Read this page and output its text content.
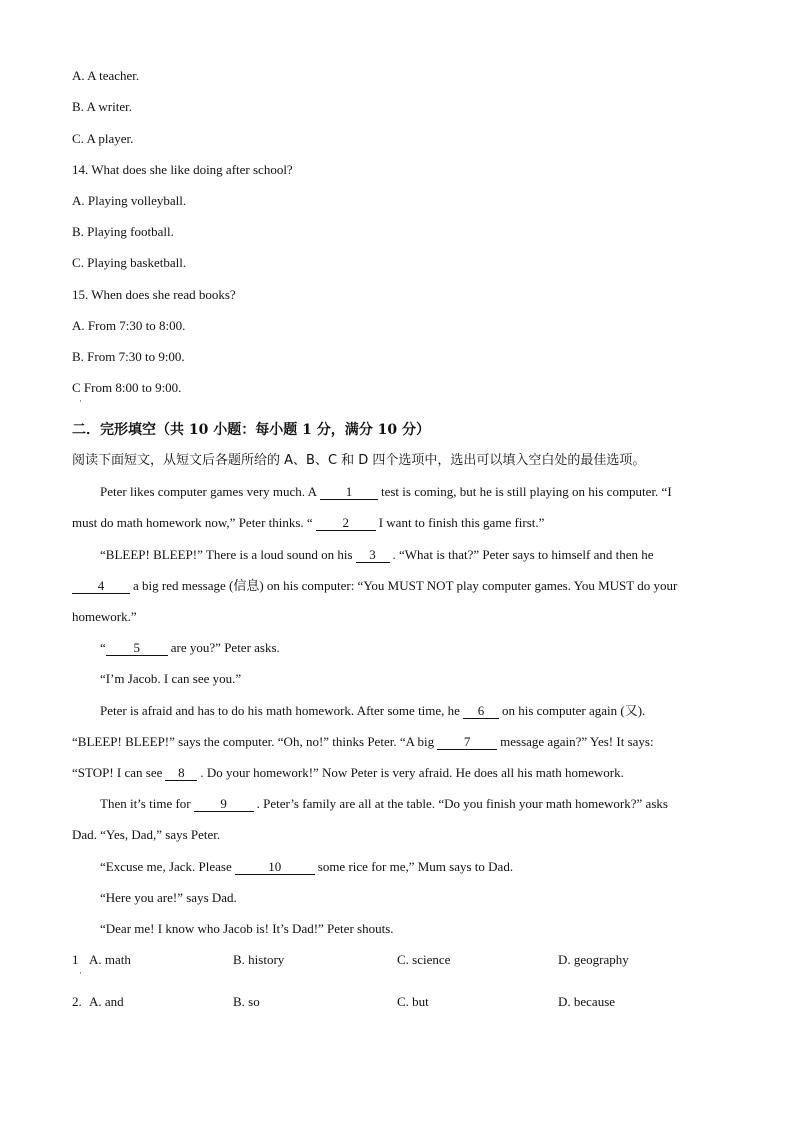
A. A teacher.
B. A writer.
C. A player.
14. What does she like doing after school?
A. Playing volleyball.
B. Playing football.
C. Playing basketball.
15. When does she read books?
A. From 7:30 to 8:00.
B. From 7:30 to 9:00.
C From 8:00 to 9:00.
·
二．完形填空（共 10 小题：每小题 1 分，满分 10 分）
阅读下面短文，从短文后各题所给的 A、B、C 和 D 四个选项中，选出可以填入空白处的最佳选项。
Peter likes computer games very much. A 1 test is coming, but he is still playing on his computer. “I
must do math homework now,” Peter thinks. “ 2 I want to finish this game first.”
“BLEEP! BLEEP!” There is a loud sound on his 3 . “What is that?” Peter says to himself and then he
4 a big red message (信息) on his computer: “You MUST NOT play computer games. You MUST do your
homework.”
“ 5 are you?” Peter asks.
“I’m Jacob. I can see you.”
Peter is afraid and has to do his math homework. After some time, he 6 on his computer again (又).
“BLEEP! BLEEP!” says the computer. “Oh, no!” thinks Peter. “A big 7 message again?” Yes! It says:
“STOP! I can see 8 . Do your homework!” Now Peter is very afraid. He does all his math homework.
Then it’s time for 9 . Peter’s family are all at the table. “Do you finish your math homework?” asks
Dad. “Yes, Dad,” says Peter.
“Excuse me, Jack. Please	10	some rice for me,” Mum says to Dad.
“Here you are!” says Dad.
“Dear me! I know who Jacob is! It’s Dad!” Peter shouts.
1 A. math	B. history	C. science	D. geography
·
2. A. and	B. so	C. but	D. because
